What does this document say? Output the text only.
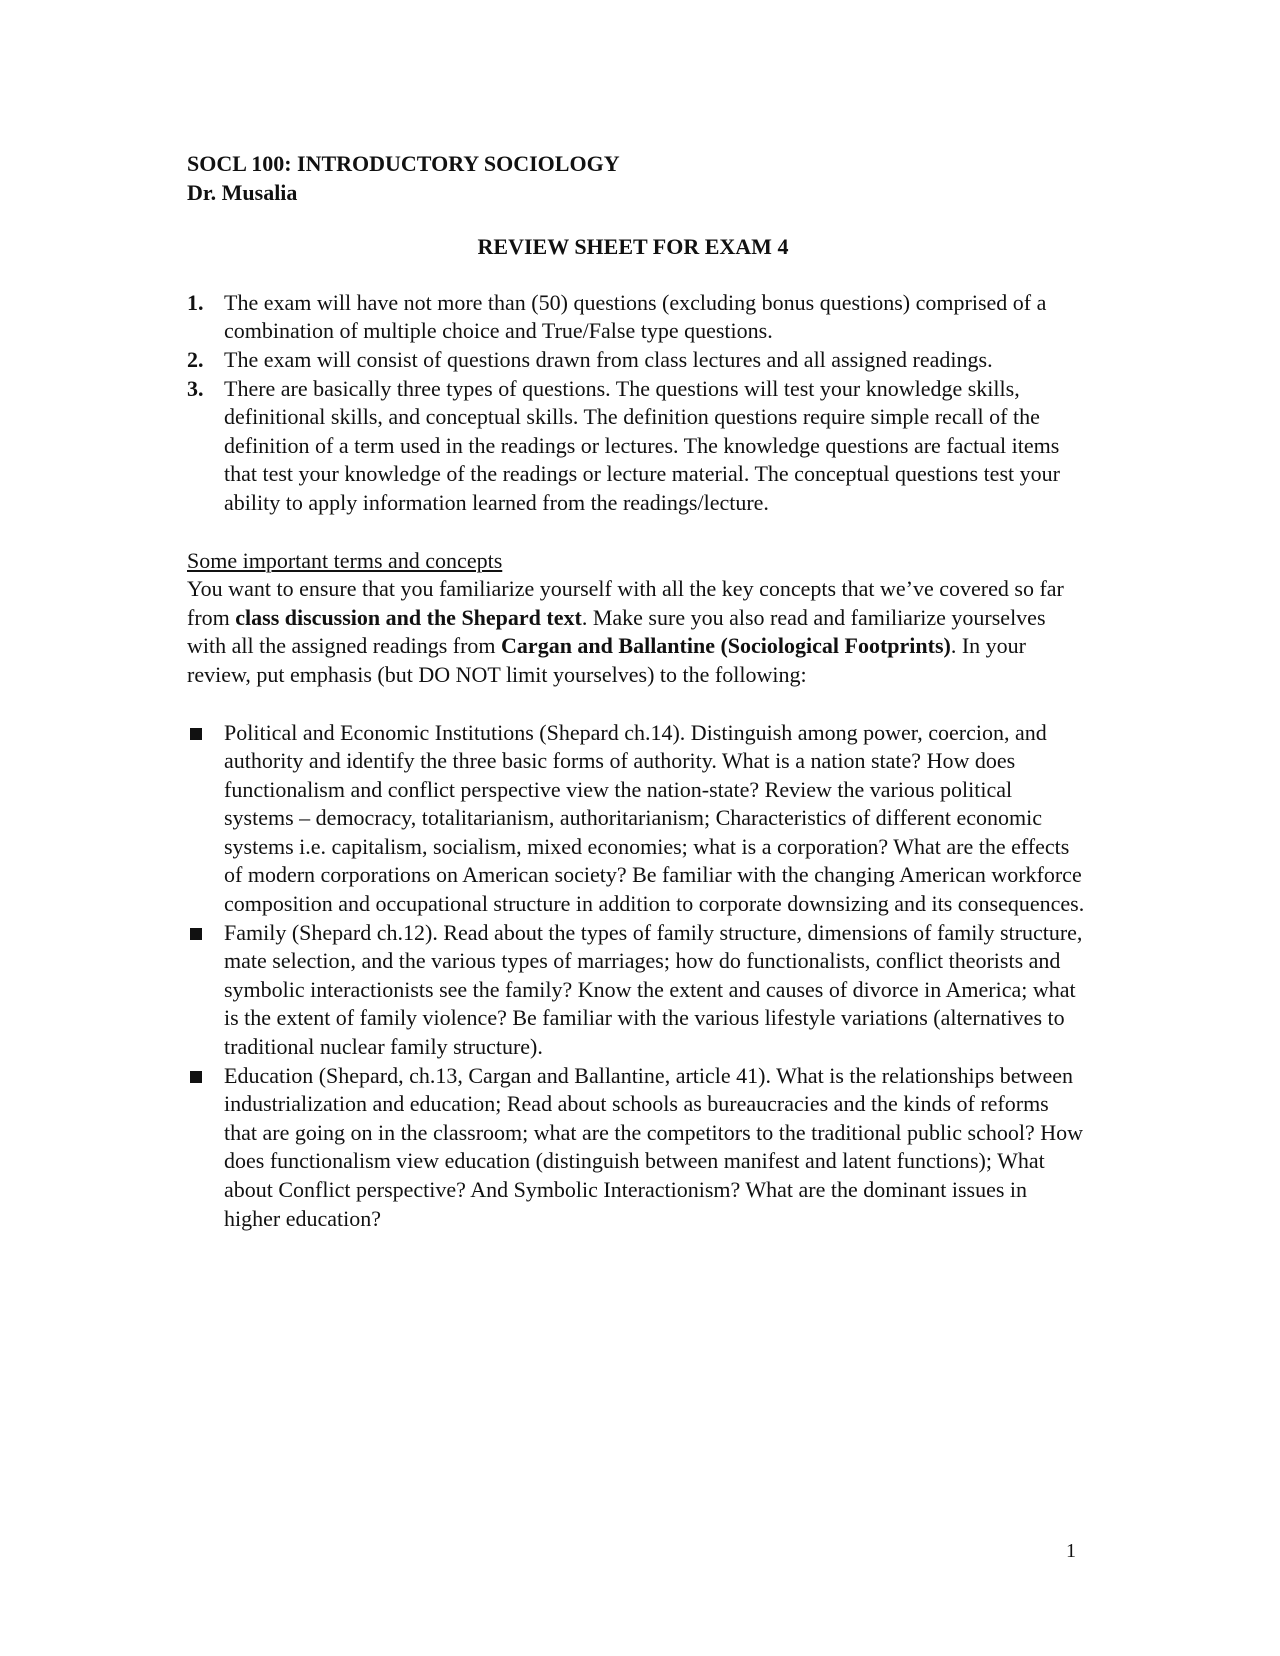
SOCL 100: INTRODUCTORY SOCIOLOGY

Dr. Musalia

REVIEW SHEET FOR EXAM 4

1. The exam will have not more than (50) questions (excluding bonus questions) comprised of a combination of multiple choice and True/False type questions.
2. The exam will consist of questions drawn from class lectures and all assigned readings.
3. There are basically three types of questions. The questions will test your knowledge skills, definitional skills, and conceptual skills. The definition questions require simple recall of the definition of a term used in the readings or lectures. The knowledge questions are factual items that test your knowledge of the readings or lecture material. The conceptual questions test your ability to apply information learned from the readings/lecture.

Some important terms and concepts

You want to ensure that you familiarize yourself with all the key concepts that we’ve covered so far from class discussion and the Shepard text. Make sure you also read and familiarize yourselves with all the assigned readings from Cargan and Ballantine (Sociological Footprints). In your review, put emphasis (but DO NOT limit yourselves) to the following:

Political and Economic Institutions (Shepard ch.14). Distinguish among power, coercion, and authority and identify the three basic forms of authority. What is a nation state? How does functionalism and conflict perspective view the nation-state? Review the various political systems – democracy, totalitarianism, authoritarianism; Characteristics of different economic systems i.e. capitalism, socialism, mixed economies; what is a corporation? What are the effects of modern corporations on American society? Be familiar with the changing American workforce composition and occupational structure in addition to corporate downsizing and its consequences.
Family (Shepard ch.12). Read about the types of family structure, dimensions of family structure, mate selection, and the various types of marriages; how do functionalists, conflict theorists and symbolic interactionists see the family? Know the extent and causes of divorce in America; what is the extent of family violence? Be familiar with the various lifestyle variations (alternatives to traditional nuclear family structure).
Education (Shepard, ch.13, Cargan and Ballantine, article 41). What is the relationships between industrialization and education; Read about schools as bureaucracies and the kinds of reforms that are going on in the classroom; what are the competitors to the traditional public school? How does functionalism view education (distinguish between manifest and latent functions); What about Conflict perspective? And Symbolic Interactionism? What are the dominant issues in higher education?
1
